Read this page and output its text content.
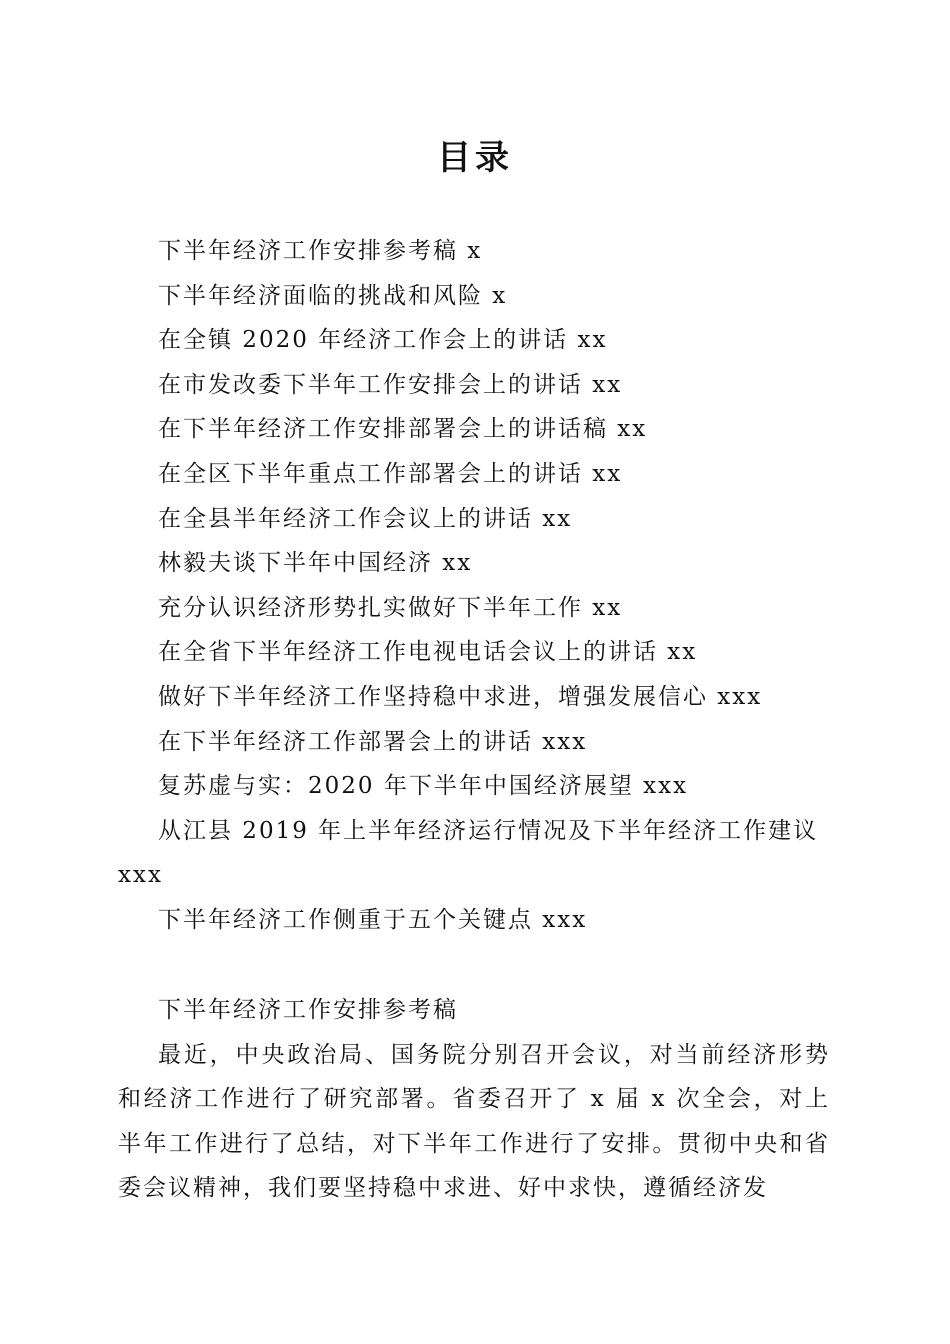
目录
下半年经济工作安排参考稿 x
下半年经济面临的挑战和风险 x
在全镇 2020 年经济工作会上的讲话 xx
在市发改委下半年工作安排会上的讲话 xx
在下半年经济工作安排部署会上的讲话稿 xx
在全区下半年重点工作部署会上的讲话 xx
在全县半年经济工作会议上的讲话 xx
林毅夫谈下半年中国经济 xx
充分认识经济形势扎实做好下半年工作 xx
在全省下半年经济工作电视电话会议上的讲话 xx
做好下半年经济工作坚持稳中求进，增强发展信心 xxx
在下半年经济工作部署会上的讲话 xxx
复苏虚与实：2020 年下半年中国经济展望 xxx
从江县 2019 年上半年经济运行情况及下半年经济工作建议 xxx
下半年经济工作侧重于五个关键点 xxx

下半年经济工作安排参考稿

最近，中央政治局、国务院分别召开会议，对当前经济形势和经济工作进行了研究部署。省委召开了 x 届 x 次全会，对上半年工作进行了总结，对下半年工作进行了安排。贯彻中央和省委会议精神，我们要坚持稳中求进、好中求快，遵循经济发
